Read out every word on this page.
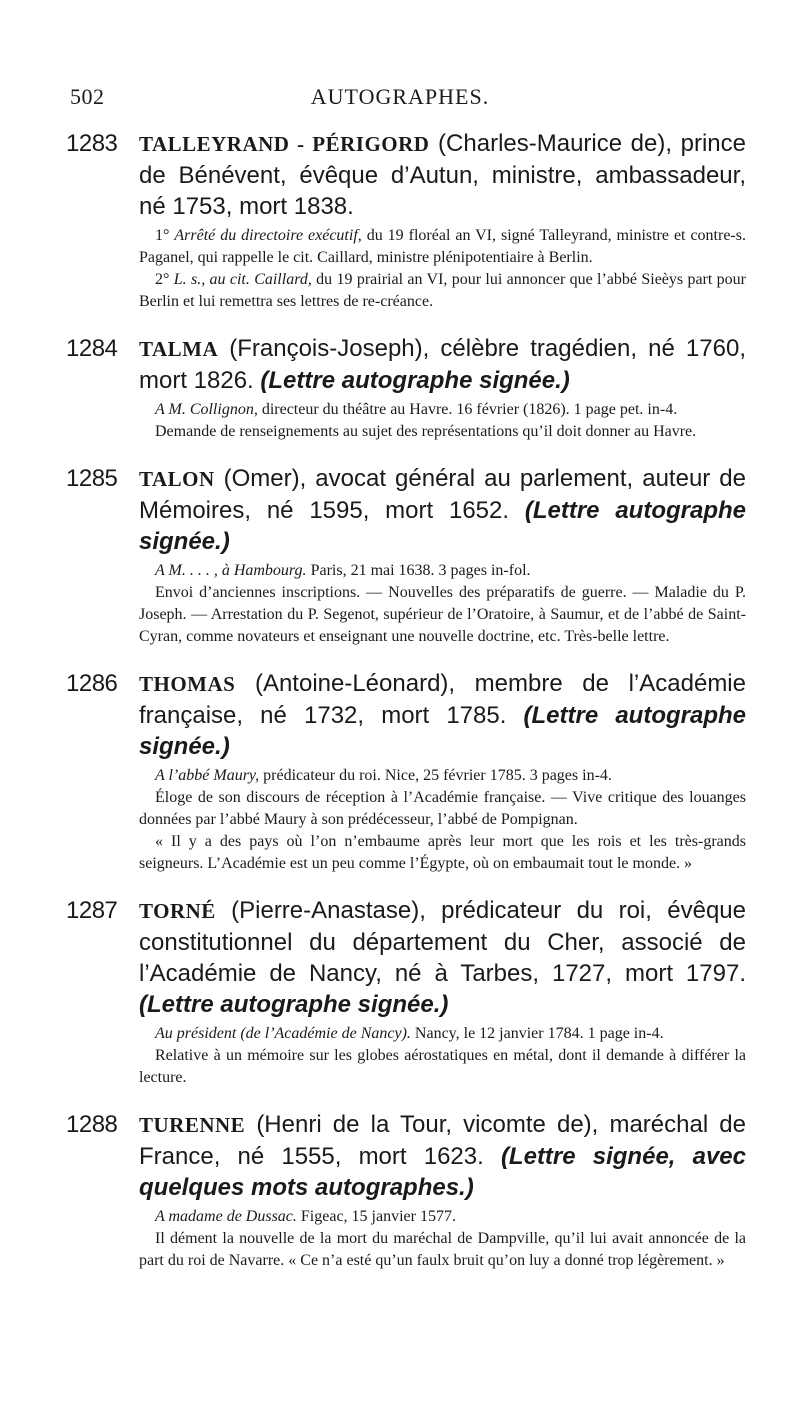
502	AUTOGRAPHES.
1283 TALLEYRAND - PÉRIGORD (Charles-Maurice de), prince de Bénévent, évêque d’Autun, ministre, ambassadeur, né 1753, mort 1838.

1° Arrêté du directoire exécutif, du 19 floréal an VI, signé Talleyrand, ministre et contre-s. Paganel, qui rappelle le cit. Caillard, ministre plénipotentiaire à Berlin.

2° L. s., au cit. Caillard, du 19 prairial an VI, pour lui annoncer que l’abbé Sieèys part pour Berlin et lui remettra ses lettres de re-créance.

1284 TALMA (François-Joseph), célèbre tragédien, né 1760, mort 1826. (Lettre autographe signée.)

A M. Collignon, directeur du théâtre au Havre. 16 février (1826). 1 page pet. in-4.

Demande de renseignements au sujet des représentations qu’il doit donner au Havre.

1285 TALON (Omer), avocat général au parlement, auteur de Mémoires, né 1595, mort 1652. (Lettre autographe signée.)

A M. . . . , à Hambourg. Paris, 21 mai 1638. 3 pages in-fol.

Envoi d’anciennes inscriptions. — Nouvelles des préparatifs de guerre. — Maladie du P. Joseph. — Arrestation du P. Segenot, supérieur de l’Oratoire, à Saumur, et de l’abbé de Saint-Cyran, comme novateurs et enseignant une nouvelle doctrine, etc. Très-belle lettre.

1286 THOMAS (Antoine-Léonard), membre de l’Académie française, né 1732, mort 1785. (Lettre autographe signée.)

A l’abbé Maury, prédicateur du roi. Nice, 25 février 1785. 3 pages in-4.

Éloge de son discours de réception à l’Académie française. — Vive critique des louanges données par l’abbé Maury à son prédécesseur, l’abbé de Pompignan.

« Il y a des pays où l’on n’embaume après leur mort que les rois et les très-grands seigneurs. L’Académie est un peu comme l’Égypte, où on embaumait tout le monde. »

1287 TORNÉ (Pierre-Anastase), prédicateur du roi, évêque constitutionnel du département du Cher, associé de l’Académie de Nancy, né à Tarbes, 1727, mort 1797. (Lettre autographe signée.)

Au président (de l’Académie de Nancy). Nancy, le 12 janvier 1784. 1 page in-4.

Relative à un mémoire sur les globes aérostatiques en métal, dont il demande à différer la lecture.

1288 TURENNE (Henri de la Tour, vicomte de), maréchal de France, né 1555, mort 1623. (Lettre signée, avec quelques mots autographes.)

A madame de Dussac. Figeac, 15 janvier 1577.

Il dément la nouvelle de la mort du maréchal de Dampville, qu’il lui avait annoncée de la part du roi de Navarre. « Ce n’a esté qu’un faulx bruit qu’on luy a donné trop légèrement. »
